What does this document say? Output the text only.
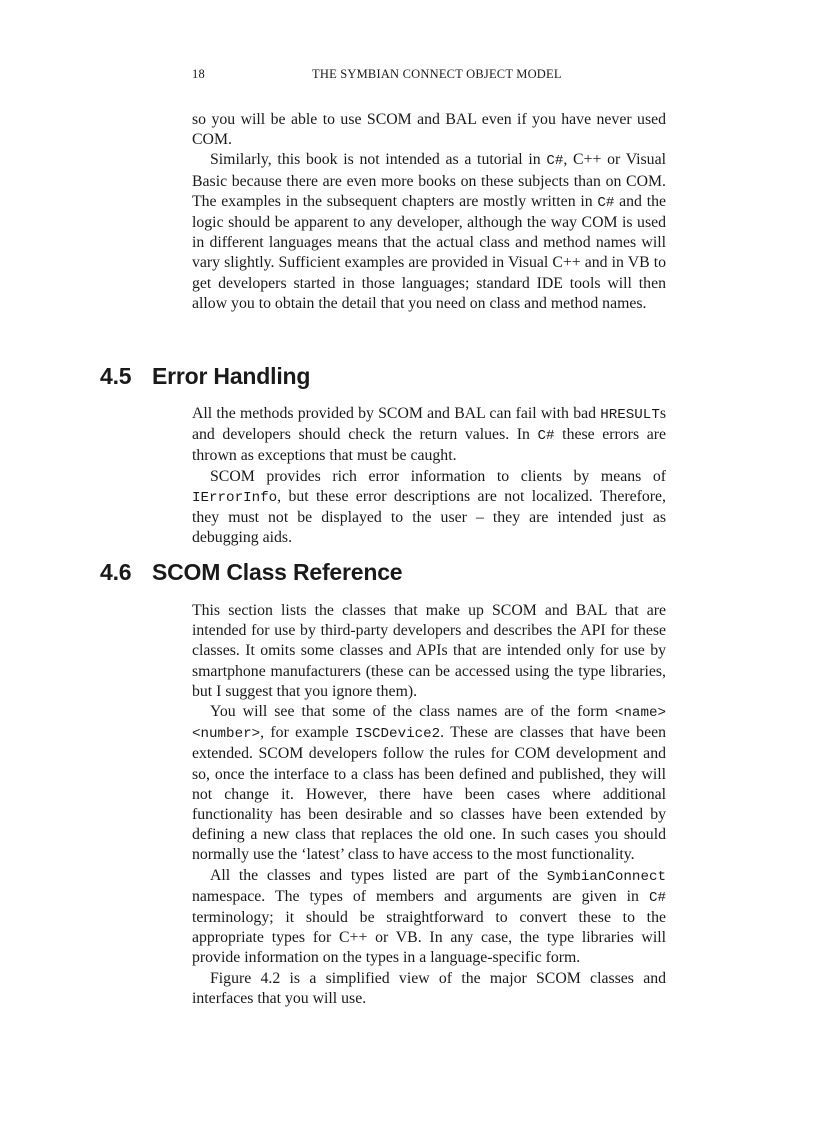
18	THE SYMBIAN CONNECT OBJECT MODEL

so you will be able to use SCOM and BAL even if you have never used COM.

Similarly, this book is not intended as a tutorial in C#, C++ or Visual Basic because there are even more books on these subjects than on COM. The examples in the subsequent chapters are mostly written in C# and the logic should be apparent to any developer, although the way COM is used in different languages means that the actual class and method names will vary slightly. Sufficient examples are provided in Visual C++ and in VB to get developers started in those languages; standard IDE tools will then allow you to obtain the detail that you need on class and method names.

4.5 Error Handling

All the methods provided by SCOM and BAL can fail with bad HRESULTs and developers should check the return values. In C# these errors are thrown as exceptions that must be caught.

SCOM provides rich error information to clients by means of IErrorInfo, but these error descriptions are not localized. Therefore, they must not be displayed to the user – they are intended just as debugging aids.

4.6 SCOM Class Reference

This section lists the classes that make up SCOM and BAL that are intended for use by third-party developers and describes the API for these classes. It omits some classes and APIs that are intended only for use by smartphone manufacturers (these can be accessed using the type libraries, but I suggest that you ignore them).

You will see that some of the class names are of the form <name><number>, for example ISCDevice2. These are classes that have been extended. SCOM developers follow the rules for COM development and so, once the interface to a class has been defined and published, they will not change it. However, there have been cases where additional functionality has been desirable and so classes have been extended by defining a new class that replaces the old one. In such cases you should normally use the ‘latest’ class to have access to the most functionality.

All the classes and types listed are part of the SymbianConnect namespace. The types of members and arguments are given in C# terminology; it should be straightforward to convert these to the appropriate types for C++ or VB. In any case, the type libraries will provide information on the types in a language-specific form.

Figure 4.2 is a simplified view of the major SCOM classes and interfaces that you will use.
